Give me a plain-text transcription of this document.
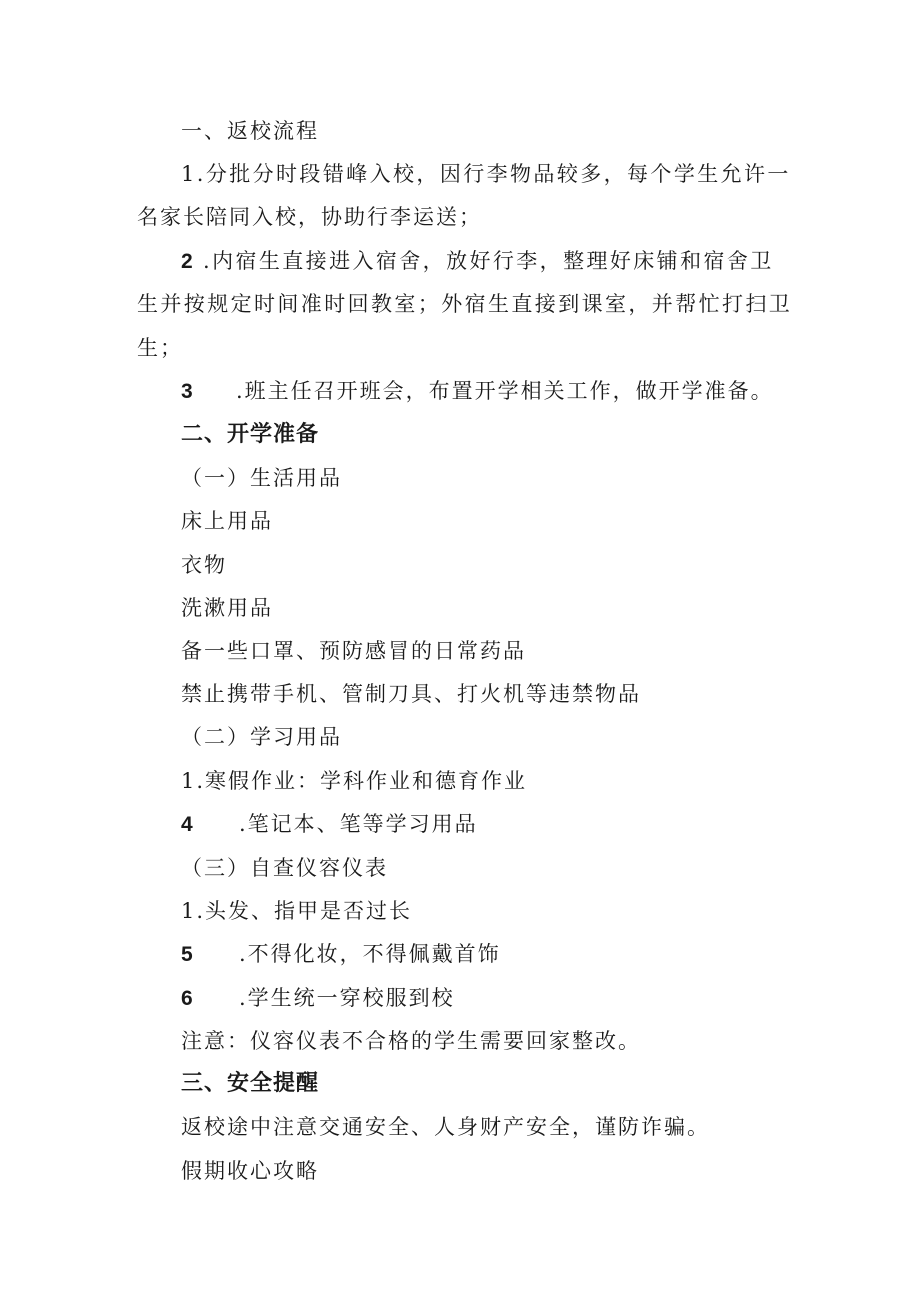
一、返校流程
1.分批分时段错峰入校，因行李物品较多，每个学生允许一
名家长陪同入校，协助行李运送；
2 .内宿生直接进入宿舍，放好行李，整理好床铺和宿舍卫
生并按规定时间准时回教室；外宿生直接到课室，并帮忙打扫卫
生；
3 .班主任召开班会，布置开学相关工作，做开学准备。
二、开学准备
（一）生活用品
床上用品
衣物
洗漱用品
备一些口罩、预防感冒的日常药品
禁止携带手机、管制刀具、打火机等违禁物品
（二）学习用品
1.寒假作业：学科作业和德育作业
4 .笔记本、笔等学习用品
（三）自查仪容仪表
1.头发、指甲是否过长
5 .不得化妆，不得佩戴首饰
6 .学生统一穿校服到校
注意：仪容仪表不合格的学生需要回家整改。
三、安全提醒
返校途中注意交通安全、人身财产安全，谨防诈骗。
假期收心攻略
